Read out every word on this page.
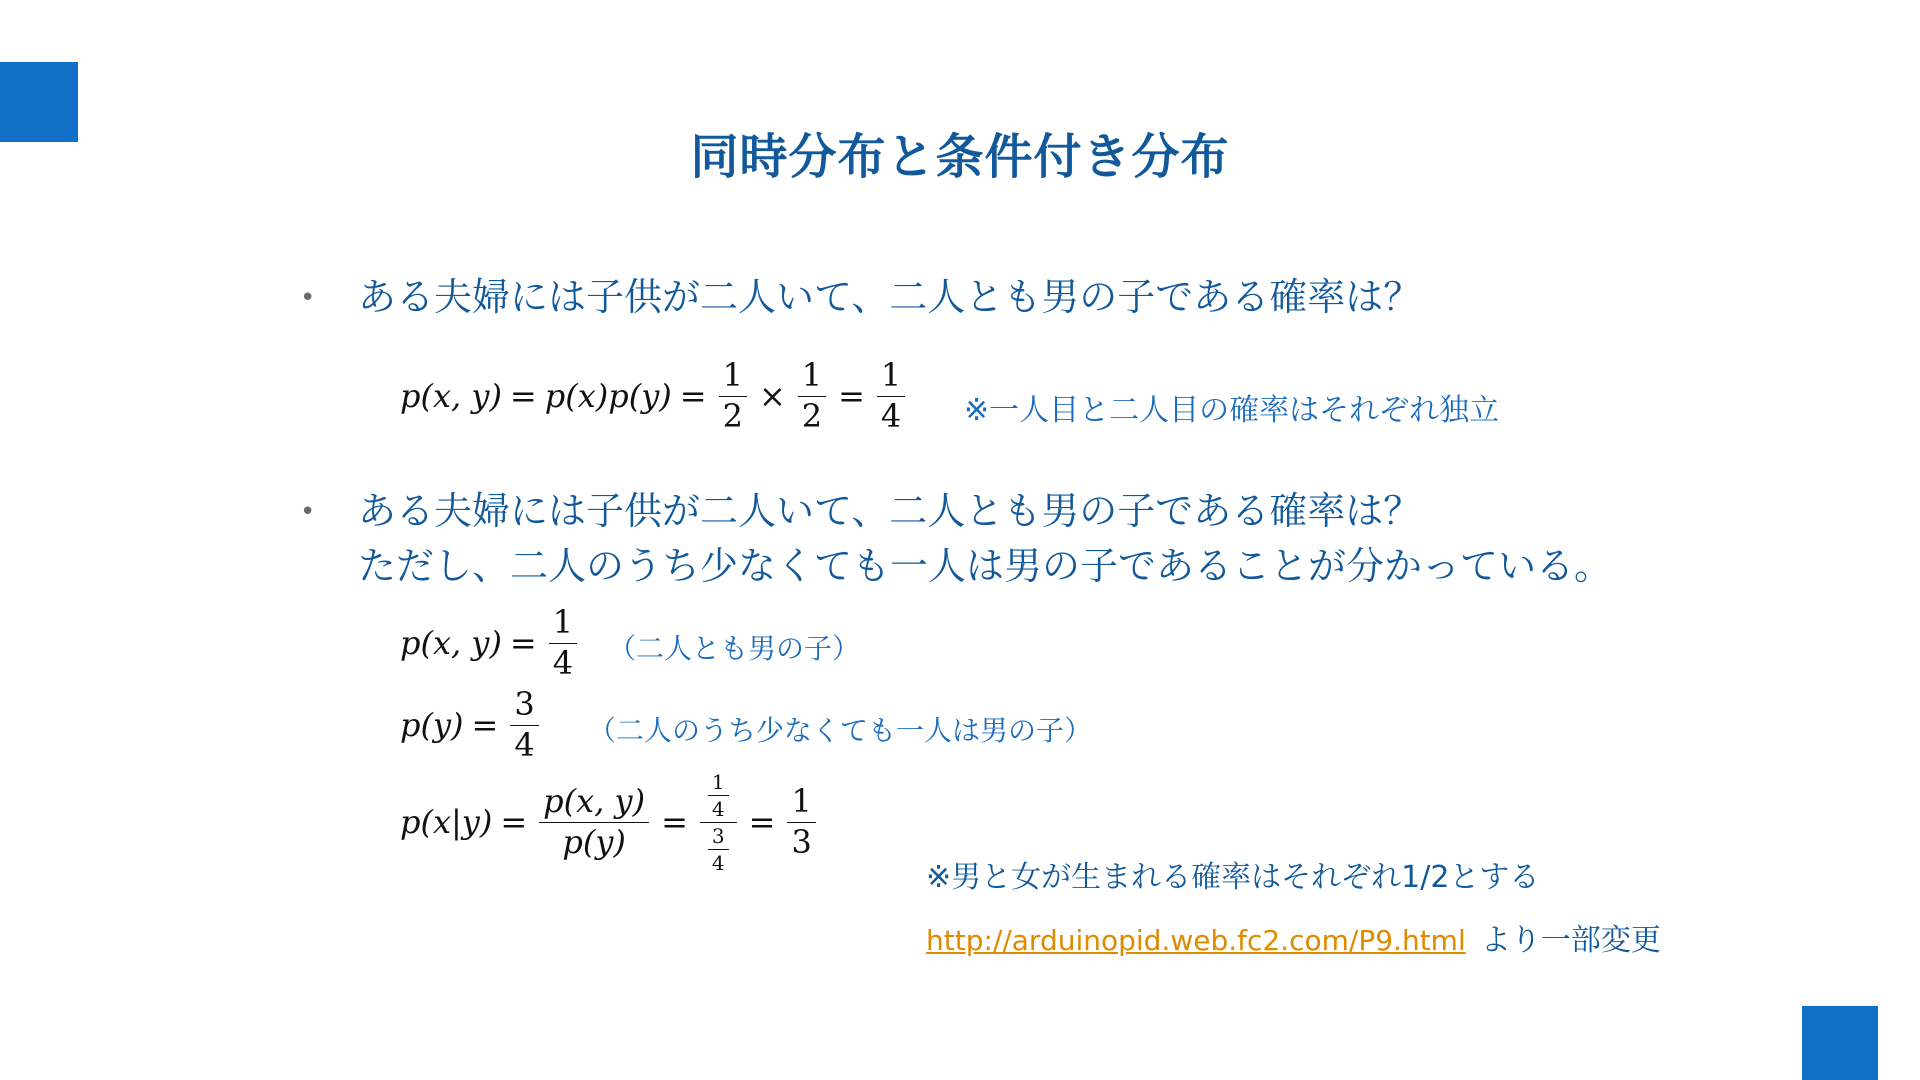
同時分布と条件付き分布
• ある夫婦には子供が二人いて、二人とも男の子である確率は？
p(x, $y) = p(x)p(y) = \frac{1}{2} \times \frac{1}{2} = \frac{1}{4}$ ※一人目と二人目の確率はそれぞれ独立
• ある夫婦には子供が二人いて、二人とも男の子である確率は？
ただし、二人のうち少なくても一人は男の子であることが分かっている。
p(x, $y) = \frac{1}{4}$ （二人とも男の子）
$p(y) = \frac{3}{4}$ （二人のうち少なくても一人は男の子）
$p(x|y) = \frac{p(x, y)}{p(y)} = \frac{\frac{1}{4}}{\frac{3}{4}} = \frac{1}{3}$
※男と女が生まれる確率はそれぞれ1/2とする
http://arduinopid.web.fc2.com/P9.html より一部変更
